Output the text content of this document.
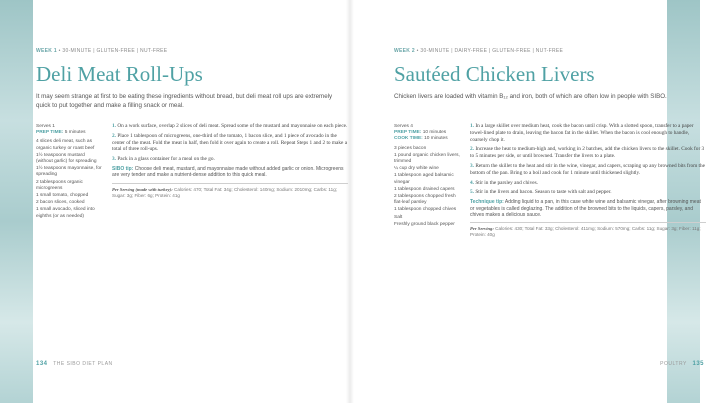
WEEK 1 • 30-MINUTE | GLUTEN-FREE | NUT-FREE
Deli Meat Roll-Ups
It may seem strange at first to be eating these ingredients without bread, but deli meat roll ups are extremely quick to put together and make a filling snack or meal.
Serves 1
PREP TIME: 5 minutes
4 slices deli meat, such as organic turkey or roast beef
1½ teaspoons mustard (without garlic) for spreading
1½ teaspoons mayonnaise, for spreading
2 tablespoons organic microgreens
1 small tomato, chopped
2 bacon slices, cooked
1 small avocado, sliced into eighths (or as needed)

1. On a work surface, overlap 2 slices of deli meat. Spread some of the mustard and mayonnaise on each piece.

2. Place 1 tablespoon of microgreens, one-third of the tomato, 1 bacon slice, and 1 piece of avocado in the center of the meat. Fold the meat in half, then fold it over again to create a roll. Repeat Steps 1 and 2 to make a total of three roll-ups.

3. Pack in a glass container for a meal on the go.

SIBO tip: Choose deli meat, mustard, and mayonnaise made without added garlic or onion. Microgreens are very tender and make a nutrient-dense addition to this quick meal.
Per Serving (made with turkey): Calories: 470; Total Fat: 34g; Cholesterol: 140mg; Sodium: 2010mg; Carbs: 11g; Sugar: 3g; Fiber: 6g; Protein: 41g
134 THE SIBO DIET PLAN
WEEK 2 • 30-MINUTE | DAIRY-FREE | GLUTEN-FREE | NUT-FREE
Sautéed Chicken Livers
Chicken livers are loaded with vitamin B₁₂ and iron, both of which are often low in people with SIBO.
Serves 4
PREP TIME: 10 minutes
COOK TIME: 10 minutes
3 pieces bacon
1 pound organic chicken livers, trimmed
¼ cup dry white wine
1 tablespoon aged balsamic vinegar
1 tablespoon drained capers
2 tablespoons chopped fresh flat-leaf parsley
1 tablespoon chopped chives
Salt
Freshly ground black pepper

1. In a large skillet over medium heat, cook the bacon until crisp. With a slotted spoon, transfer to a paper towel-lined plate to drain, leaving the bacon fat in the skillet. When the bacon is cool enough to handle, coarsely chop it.

2. Increase the heat to medium-high and, working in 2 batches, add the chicken livers to the skillet. Cook for 3 to 5 minutes per side, or until browned. Transfer the livers to a plate.

3. Return the skillet to the heat and stir in the wine, vinegar, and capers, scraping up any browned bits from the bottom of the pan. Bring to a boil and cook for 1 minute until thickened slightly.

4. Stir in the parsley and chives.

5. Stir in the livers and bacon. Season to taste with salt and pepper.

Technique tip: Adding liquid to a pan, in this case white wine and balsamic vinegar, after browning meat or vegetables is called deglazing. The addition of the browned bits to the liquids, capers, parsley, and chives makes a delicious sauce.
Per Serving: Calories: 430; Total Fat: 33g; Cholesterol: 411mg; Sodium: 570mg; Carbs: 11g; Sugar: 3g; Fiber: 11g; Protein: 40g
POULTRY 135
